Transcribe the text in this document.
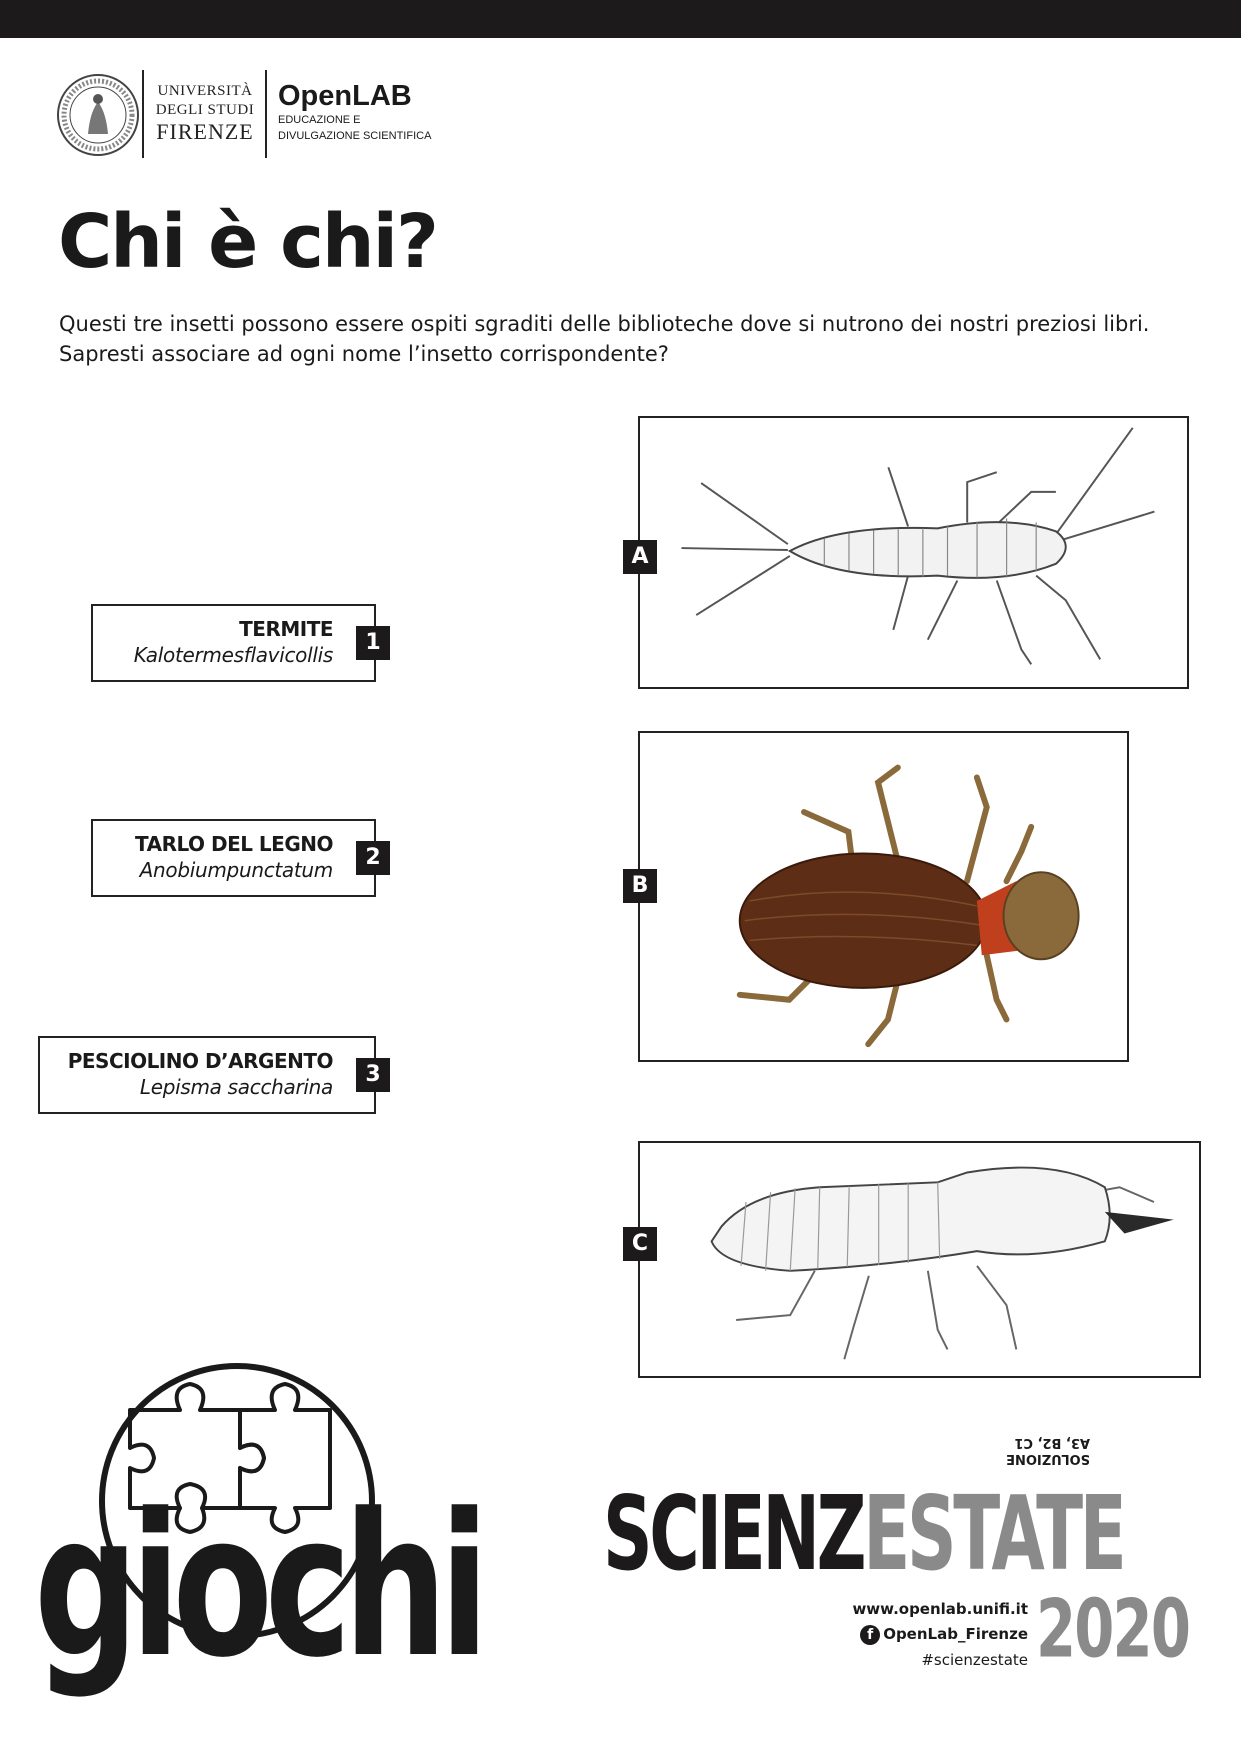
UNIVERSITÀ
DEGLI STUDI
FIRENZE
OpenLAB
EDUCAZIONE E
DIVULGAZIONE SCIENTIFICA
Chi è chi?
Questi tre insetti possono essere ospiti sgraditi delle biblioteche dove si nutrono dei nostri preziosi libri.
Sapresti associare ad ogni nome l’insetto corrispondente?
TERMITE
Kalotermesflavicollis	1
TARLO DEL LEGNO
Anobiumpunctatum	2
PESCIOLINO D’ARGENTO
Lepisma saccharina	3
A
B
C
giochi
SOLUZIONE
A3, B2, C1
SCIENZESTATE
www.openlab.unifi.it
f OpenLab_Firenze
#scienzestate 2020
